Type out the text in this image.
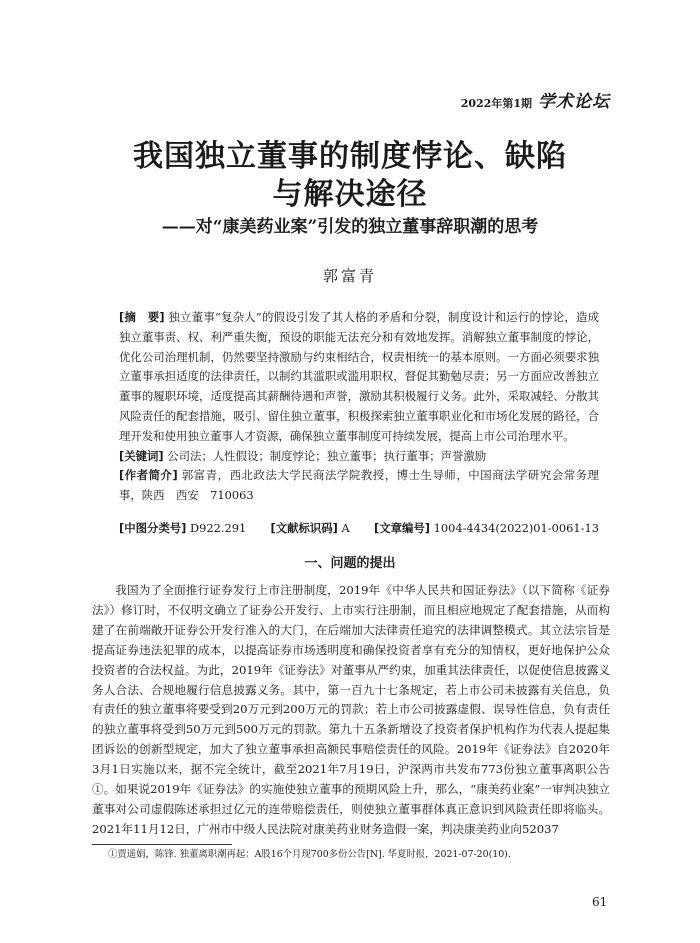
2022年第1期 学术论坛
我国独立董事的制度悖论、缺陷
与解决途径
——对“康美药业案”引发的独立董事辞职潮的思考
郭富青

[摘　要] 独立董事“复杂人”的假设引发了其人格的矛盾和分裂，制度设计和运行的悖论，造成独立董事责、权、利严重失衡，预设的职能无法充分和有效地发挥。消解独立董事制度的悖论，优化公司治理机制，仍然要坚持激励与约束相结合，权责相统一的基本原则。一方面必须要求独立董事承担适度的法律责任，以制约其滥职或滥用职权，督促其勤勉尽责；另一方面应改善独立董事的履职环境，适度提高其薪酬待遇和声誉，激励其积极履行义务。此外，采取减轻、分散其风险责任的配套措施，吸引、留住独立董事，积极探索独立董事职业化和市场化发展的路径，合理开发和使用独立董事人才资源，确保独立董事制度可持续发展，提高上市公司治理水平。

[关键词] 公司法；人性假设；制度悖论；独立董事；执行董事；声誉激励

[作者简介] 郭富青，西北政法大学民商法学院教授，博士生导师，中国商法学研究会常务理事，陕西　西安　710063

[中图分类号] D922.291 [文献标识码] A [文章编号] 1004-4434(2022)01-0061-13
一、问题的提出

我国为了全面推行证券发行上市注册制度，2019年《中华人民共和国证券法》（以下简称《证券法》）修订时，不仅明文确立了证券公开发行、上市实行注册制，而且相应地规定了配套措施，从而构建了在前端敞开证券公开发行准入的大门，在后端加大法律责任追究的法律调整模式。其立法宗旨是提高证券违法犯罪的成本，以提高证券市场透明度和确保投资者享有充分的知情权，更好地保护公众投资者的合法权益。为此，2019年《证券法》对董事从严约束，加重其法律责任，以促使信息披露义务人合法、合规地履行信息披露义务。其中，第一百九十七条规定，若上市公司未披露有关信息，负有责任的独立董事将要受到20万元到200万元的罚款；若上市公司披露虚假、误导性信息，负有责任的独立董事将受到50万元到500万元的罚款。第九十五条新增设了投资者保护机构作为代表人提起集团诉讼的创新型规定，加大了独立董事承担高额民事赔偿责任的风险。2019年《证券法》自2020年3月1日实施以来，据不完全统计，截至2021年7月19日，沪深两市共发布773份独立董事离职公告①。如果说2019年《证券法》的实施使独立董事的预期风险上升，那么，“康美药业案”一审判决独立董事对公司虚假陈述承担过亿元的连带赔偿责任，则使独立董事群体真正意识到风险责任即将临头。2021年11月12日，广州市中级人民法院对康美药业财务造假一案，判决康美药业向52037

①贾遥娟，陈锋. 独董离职潮再起：A股16个月现700多份公告[N]. 华夏时报，2021-07-20(10).
61
